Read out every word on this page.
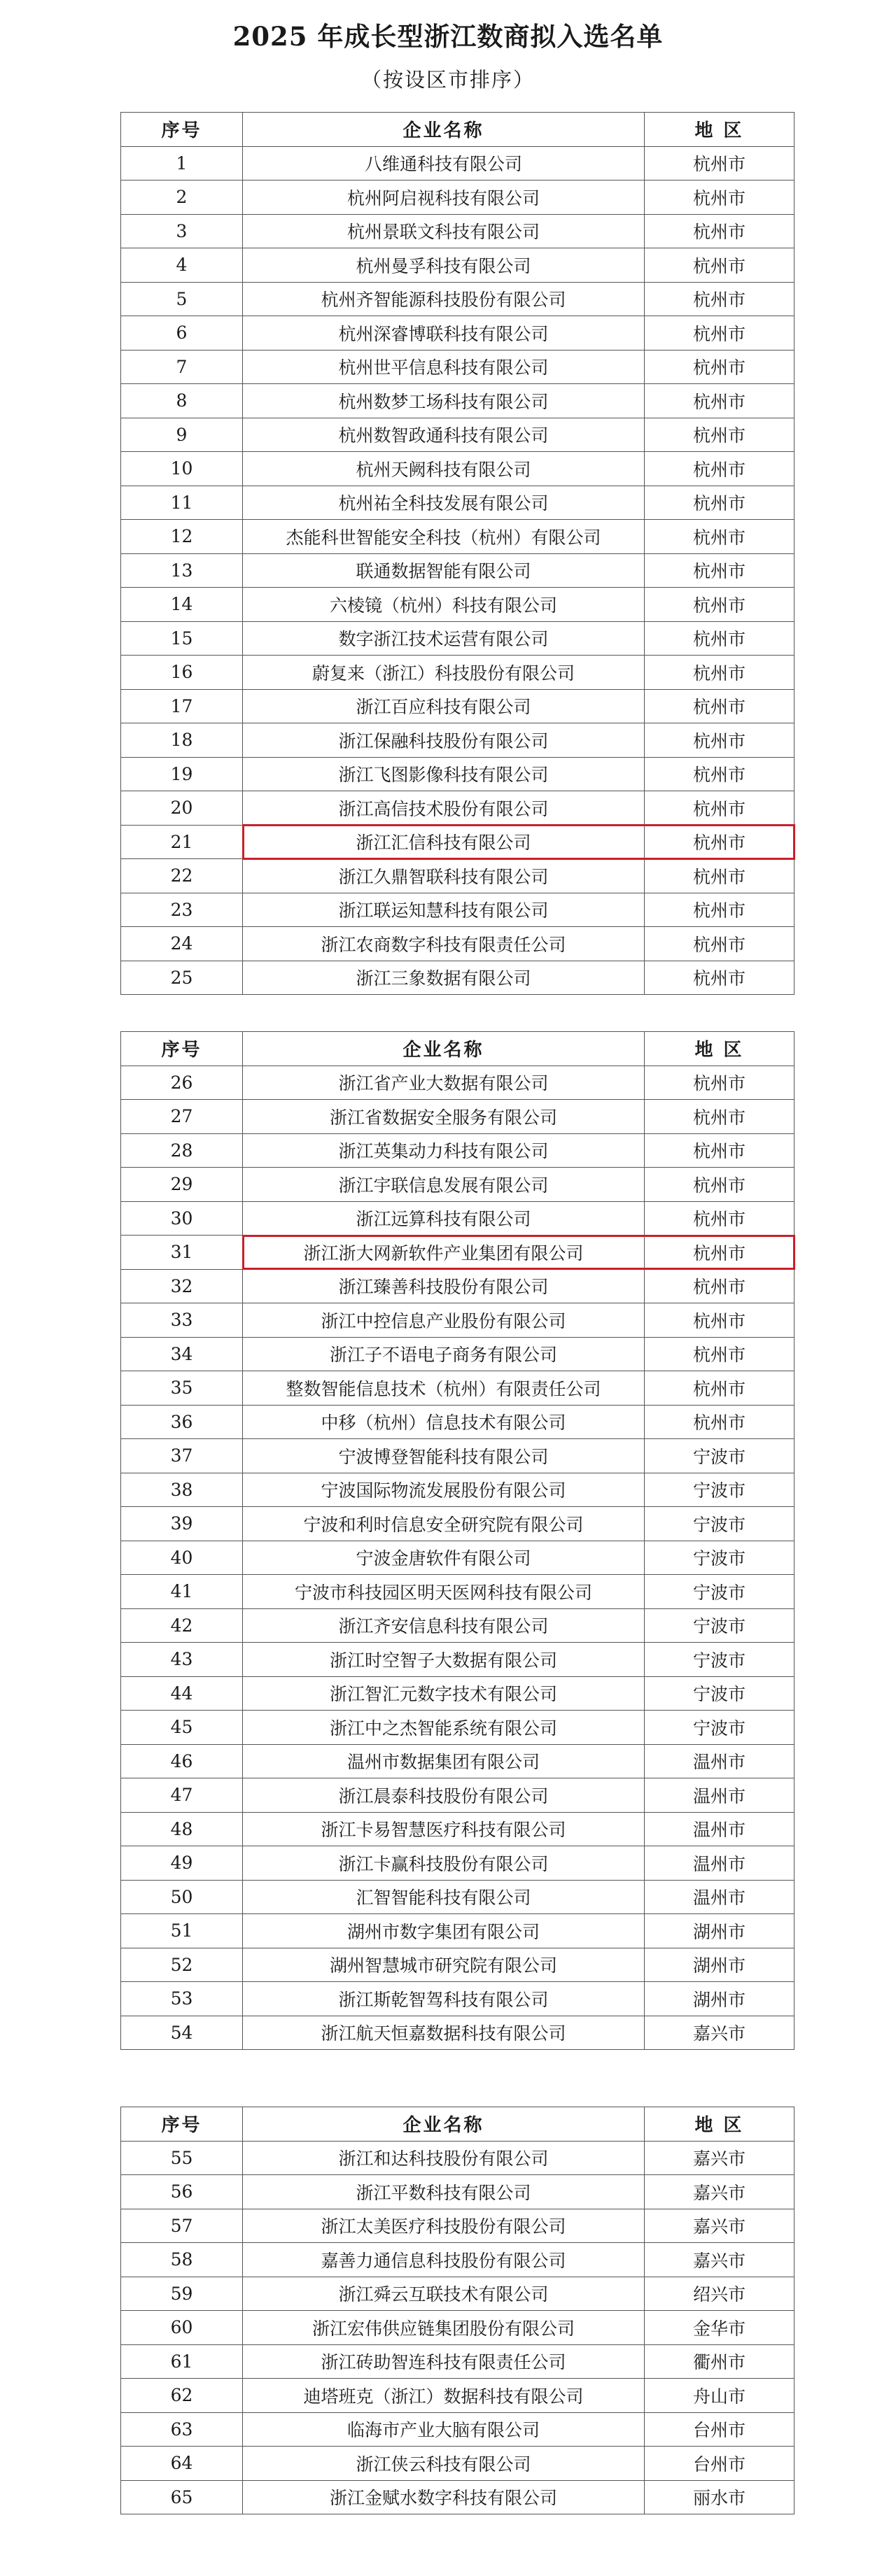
2025 年成长型浙江数商拟入选名单
（按设区市排序）
序号	企业名称	地 区
1	八维通科技有限公司	杭州市
2	杭州阿启视科技有限公司	杭州市
3	杭州景联文科技有限公司	杭州市
4	杭州曼孚科技有限公司	杭州市
5	杭州齐智能源科技股份有限公司	杭州市
6	杭州深睿博联科技有限公司	杭州市
7	杭州世平信息科技有限公司	杭州市
8	杭州数梦工场科技有限公司	杭州市
9	杭州数智政通科技有限公司	杭州市
10	杭州天阙科技有限公司	杭州市
11	杭州祐全科技发展有限公司	杭州市
12	杰能科世智能安全科技（杭州）有限公司	杭州市
13	联通数据智能有限公司	杭州市
14	六棱镜（杭州）科技有限公司	杭州市
15	数字浙江技术运营有限公司	杭州市
16	蔚复来（浙江）科技股份有限公司	杭州市
17	浙江百应科技有限公司	杭州市
18	浙江保融科技股份有限公司	杭州市
19	浙江飞图影像科技有限公司	杭州市
20	浙江高信技术股份有限公司	杭州市
21	浙江汇信科技有限公司	杭州市
22	浙江久鼎智联科技有限公司	杭州市
23	浙江联运知慧科技有限公司	杭州市
24	浙江农商数字科技有限责任公司	杭州市
25	浙江三象数据有限公司	杭州市
序号	企业名称	地 区
26	浙江省产业大数据有限公司	杭州市
27	浙江省数据安全服务有限公司	杭州市
28	浙江英集动力科技有限公司	杭州市
29	浙江宇联信息发展有限公司	杭州市
30	浙江远算科技有限公司	杭州市
31	浙江浙大网新软件产业集团有限公司	杭州市
32	浙江臻善科技股份有限公司	杭州市
33	浙江中控信息产业股份有限公司	杭州市
34	浙江子不语电子商务有限公司	杭州市
35	整数智能信息技术（杭州）有限责任公司	杭州市
36	中移（杭州）信息技术有限公司	杭州市
37	宁波博登智能科技有限公司	宁波市
38	宁波国际物流发展股份有限公司	宁波市
39	宁波和利时信息安全研究院有限公司	宁波市
40	宁波金唐软件有限公司	宁波市
41	宁波市科技园区明天医网科技有限公司	宁波市
42	浙江齐安信息科技有限公司	宁波市
43	浙江时空智子大数据有限公司	宁波市
44	浙江智汇元数字技术有限公司	宁波市
45	浙江中之杰智能系统有限公司	宁波市
46	温州市数据集团有限公司	温州市
47	浙江晨泰科技股份有限公司	温州市
48	浙江卡易智慧医疗科技有限公司	温州市
49	浙江卡赢科技股份有限公司	温州市
50	汇智智能科技有限公司	温州市
51	湖州市数字集团有限公司	湖州市
52	湖州智慧城市研究院有限公司	湖州市
53	浙江斯乾智驾科技有限公司	湖州市
54	浙江航天恒嘉数据科技有限公司	嘉兴市
序号	企业名称	地 区
55	浙江和达科技股份有限公司	嘉兴市
56	浙江平数科技有限公司	嘉兴市
57	浙江太美医疗科技股份有限公司	嘉兴市
58	嘉善力通信息科技股份有限公司	嘉兴市
59	浙江舜云互联技术有限公司	绍兴市
60	浙江宏伟供应链集团股份有限公司	金华市
61	浙江砖助智连科技有限责任公司	衢州市
62	迪塔班克（浙江）数据科技有限公司	舟山市
63	临海市产业大脑有限公司	台州市
64	浙江侠云科技有限公司	台州市
65	浙江金赋水数字科技有限公司	丽水市
